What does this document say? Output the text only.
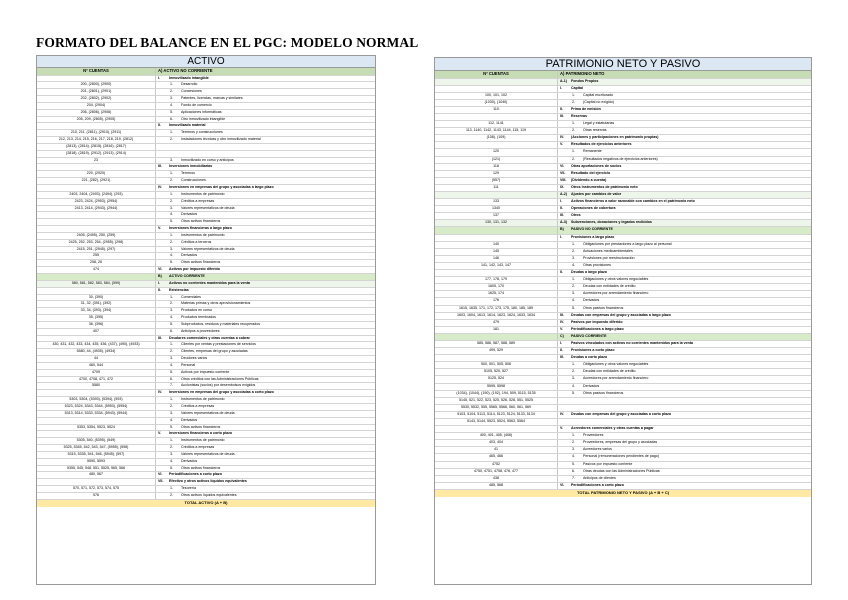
FORMATO DEL BALANCE EN EL PGC: MODELO NORMAL
ACTIVO
Nº CUENTAS	A) ACTIVO NO CORRIENTE
I.	Inmovilizado intangible
200, (2800), (2900)	1. Desarrollo
201, (2801), (2901)	2. Concesiones
202, (2802), (2902)	3. Patentes, licencias, marcas y similares
204, (2904)	4. Fondo de comercio
206, (2806), (2906)	5. Aplicaciones informáticas
205, 209, (2805), (2905)	6. Otro inmovilizado intangible
II. Inmovilizado material
210, 211, (2811), (2910), (2911)	1. Terrenos y construcciones
212, 213, 214, 215, 216, 217, 218, 219, (2812)	2. Instalaciones técnicas y otro inmovilizado material
(2813), (2814), (2815), (2816), (2817)
(2818), (2819), (2912), (2913), (2914)
23	3. Inmovilizado en curso y anticipos
III. Inversiones inmobiliarias
220, (2920)	1. Terrenos
221, (282), (2921)	2. Construcciones
IV. Inversiones en empresas del grupo y asociadas a largo plazo
2403, 2404, (2493), (2494), (293)	1. Instrumentos de patrimonio
2423, 2424, (2953), (2954)	2. Créditos a empresas
2413, 2414, (2943), (2944)	3. Valores representativos de deuda
4. Derivados
5. Otros activos financieros
V. Inversiones financieras a largo plazo
2405, (2495), 250, (259)	1. Instrumentos de patrimonio
2425, 252, 253, 254, (2955), (298)	2. Créditos a terceros
2415, 251, (2945), (297)	3. Valores representativos de deuda
255	4. Derivados
258, 26	5. Otros activos financieros
474	VI. Activos por impuesto diferido
B) ACTIVO CORRIENTE
580, 581, 582, 583, 584, (599)	I.	Activos no corrientes mantenidos para la venta
II. Existencias
30, (390)	1. Comerciales
31, 32, (391), (392)	2. Materias primas y otros aprovisionamientos
33, 34, (393), (394)	3. Productos en curso
35, (395)	4. Productos terminados
36, (396)	5. Subproductos, residuos y materiales recuperados
407	6. Anticipos a proveedores
III. Deudores comerciales y otras cuentas a cobrar
430, 431, 432, 433, 434, 435, 436, (437), (490), (4933)	1. Clientes por ventas y prestaciones de servicios
5580, 44, (4935), (4934)	2. Clientes, empresas del grupo y asociadas
44	3. Deudores varios
460, 544	4. Personal
4709	5. Activos por impuesto corriente
4700, 4708, 471, 472	6. Otros créditos con las Administraciones Públicas
5580	7. Accionistas (socios) por desembolsos exigidos
IV. Inversiones en empresas del grupo y asociadas a corto plazo
5303, 5304, (5393), (5394), (593)	1. Instrumentos de patrimonio
5323, 5324, 5343, 5344, (5953), (5954)	2. Créditos a empresas
5313, 5314, 5333, 5334, (5943), (5944)	3. Valores representativos de deuda
4. Derivados
5353, 5354, 5523, 5524	5. Otros activos financieros
V. Inversiones financieras a corto plazo
5305, 540, (5395), (549)	1. Instrumentos de patrimonio
5325, 5345, 542, 543, 547, (5955), (598)	2. Créditos a empresas
5315, 5335, 541, 546, (5945), (597)	3. Valores representativos de deuda
5590, 5593	4. Derivados
5355, 545, 548, 551, 5525, 565, 566	5. Otros activos financieros
480, 567	VI. Periodificaciones a corto plazo
VII. Efectivo y otros activos líquidos equivalentes
570, 571, 572, 573, 574, 575	1. Tesorería
576	2. Otros activos líquidos equivalentes
TOTAL ACTIVO (A + B)
PATRIMONIO NETO Y PASIVO
Nº CUENTAS	A) PATRIMONIO NETO
A-1) Fondos Propios
I.	Capital
100, 101, 102	1. Capital escriturado
(1030), (1040)	2. (Capital no exigido)
110	II. Prima de emisión
III. Reservas
112, 1141	1. Legal y estatutarias
113, 1140, 1142, 1143, 1144, 115, 119	2. Otras reservas
(108), (109)	IV. (Acciones y participaciones en patrimonio propias)
V. Resultados de ejercicios anteriores
120	1. Remanente
(121)	2. (Resultados negativos de ejercicios anteriores)
118	VI. Otras aportaciones de socios
129	VII. Resultado del ejercicio
(557)	VIII. (Dividendo a cuenta)
111	IX. Otros instrumentos de patrimonio neto
A-2) Ajustes por cambios de valor
133	I.	Activos financieros a valor razonable con cambios en el patrimonio neto
1340	II. Operaciones de cobertura
137	III. Otros
130, 131, 132	A-3) Subvenciones, donaciones y legados recibidos
B) PASIVO NO CORRIENTE
I.	Provisiones a largo plazo
140	1. Obligaciones por prestaciones a largo plazo al personal
145	2. Actuaciones medioambientales
146	3. Provisiones por reestructuración
141, 142, 143, 147	4. Otras provisiones
II. Deudas a largo plazo
177, 178, 179	1. Obligaciones y otros valores negociables
1605, 170	2. Deudas con entidades de crédito
1625, 174	3. Acreedores por arrendamiento financiero
176	4. Derivados
1615, 1635, 171, 172, 173, 175, 180, 185, 189	5. Otros pasivos financieros
1603, 1604, 1613, 1614, 1623, 1624, 1633, 1634	III. Deudas con empresas del grupo y asociadas a largo plazo
479	IV. Pasivos por impuesto diferido
181	V. Periodificaciones a largo plazo
C) PASIVO CORRIENTE
585, 586, 587, 588, 589	I.	Pasivos vinculados con activos no corrientes mantenidos para la venta
499, 529	II. Provisiones a corto plazo
III. Deudas a corto plazo
500, 501, 505, 506	1. Obligaciones y otros valores negociables
5105, 520, 527	2. Deudas con entidades de crédito
5125, 524	3. Acreedores por arrendamiento financiero
5595, 5598	4. Derivados
(1034), (1044), (190), (192), 194, 509, 5115, 5135	5. Otros pasivos financieros
5145, 521, 522, 523, 525, 526, 528, 551, 5525
5530, 5532, 555, 5565, 5566, 560, 561, 569
5103, 5104, 5113, 5114, 5123, 5124, 5133, 5134	IV. Deudas con empresas del grupo y asociadas a corto plazo
5143, 5144, 5523, 5524, 5563, 5564
V. Acreedores comerciales y otras cuentas a pagar
400, 401, 405, (406)	1. Proveedores
403, 404	2. Proveedores, empresas del grupo y asociadas
41	3. Acreedores varios
465, 466	4. Personal (remuneraciones pendientes de pago)
4752	5. Pasivos por impuesto corriente
4750, 4751, 4758, 476, 477	6. Otras deudas con las Administraciones Públicas
438	7. Anticipos de clientes
485, 568	VI. Periodificaciones a corto plazo
TOTAL PATRIMONIO NETO Y PASIVO (A + B + C)
